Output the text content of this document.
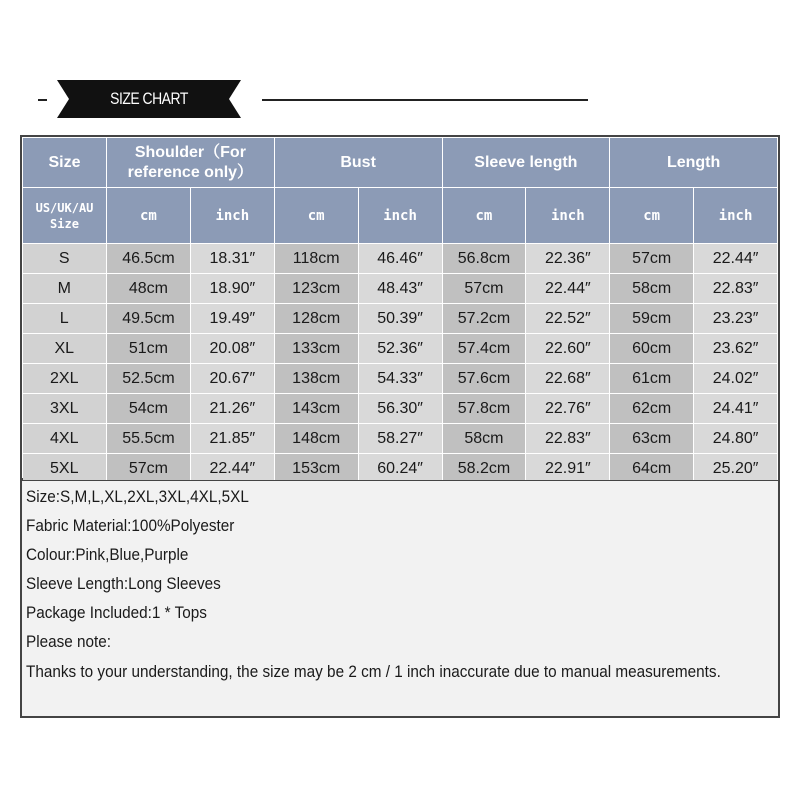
SIZE CHART
Size	Shoulder（For reference only）		Bust		Sleeve length		Length	
US/UK/AU Size	cm	inch	cm	inch	cm	inch	cm	inch
S	46.5cm	18.31″	118cm	46.46″	56.8cm	22.36″	57cm	22.44″
M	48cm	18.90″	123cm	48.43″	57cm	22.44″	58cm	22.83″
L	49.5cm	19.49″	128cm	50.39″	57.2cm	22.52″	59cm	23.23″
XL	51cm	20.08″	133cm	52.36″	57.4cm	22.60″	60cm	23.62″
2XL	52.5cm	20.67″	138cm	54.33″	57.6cm	22.68″	61cm	24.02″
3XL	54cm	21.26″	143cm	56.30″	57.8cm	22.76″	62cm	24.41″
4XL	55.5cm	21.85″	148cm	58.27″	58cm	22.83″	63cm	24.80″
5XL	57cm	22.44″	153cm	60.24″	58.2cm	22.91″	64cm	25.20″
Size:S,M,L,XL,2XL,3XL,4XL,5XL
Fabric Material:100%Polyester
Colour:Pink,Blue,Purple
Sleeve Length:Long Sleeves
Package Included:1 * Tops
Please note:
Thanks to your understanding, the size may be 2 cm / 1 inch inaccurate due to manual measurements.
